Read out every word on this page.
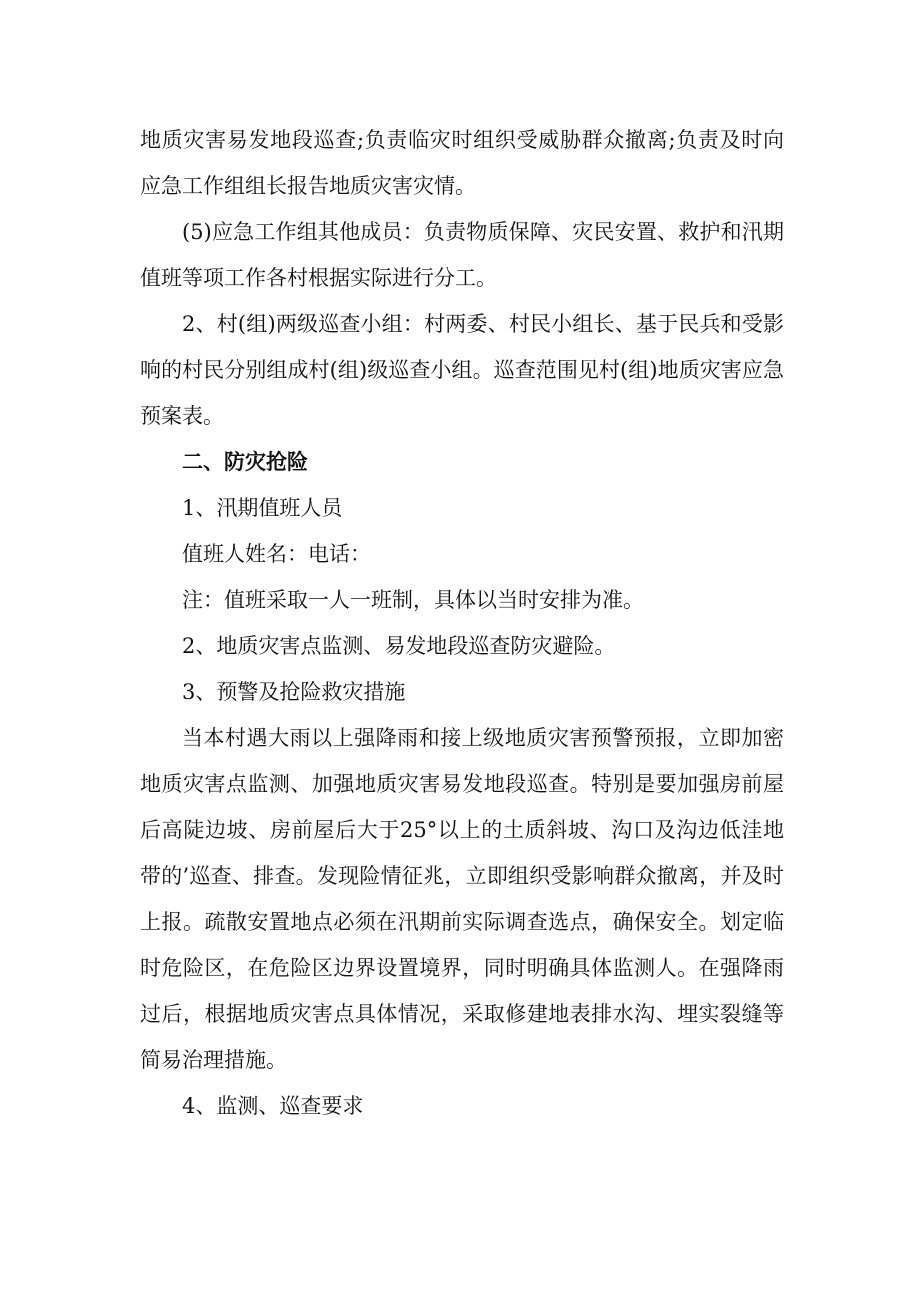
地质灾害易发地段巡查;负责临灾时组织受威胁群众撤离;负责及时向应急工作组组长报告地质灾害灾情。

(5)应急工作组其他成员：负责物质保障、灾民安置、救护和汛期值班等项工作各村根据实际进行分工。

2、村(组)两级巡查小组：村两委、村民小组长、基于民兵和受影响的村民分别组成村(组)级巡查小组。巡查范围见村(组)地质灾害应急预案表。

二、防灾抢险

1、汛期值班人员

值班人姓名：电话：

注：值班采取一人一班制，具体以当时安排为准。

2、地质灾害点监测、易发地段巡查防灾避险。

3、预警及抢险救灾措施

当本村遇大雨以上强降雨和接上级地质灾害预警预报，立即加密地质灾害点监测、加强地质灾害易发地段巡查。特别是要加强房前屋后高陡边坡、房前屋后大于25°以上的土质斜坡、沟口及沟边低洼地带的’巡查、排查。发现险情征兆，立即组织受影响群众撤离，并及时上报。疏散安置地点必须在汛期前实际调查选点，确保安全。划定临时危险区，在危险区边界设置境界，同时明确具体监测人。在强降雨过后，根据地质灾害点具体情况，采取修建地表排水沟、埋实裂缝等简易治理措施。

4、监测、巡查要求
